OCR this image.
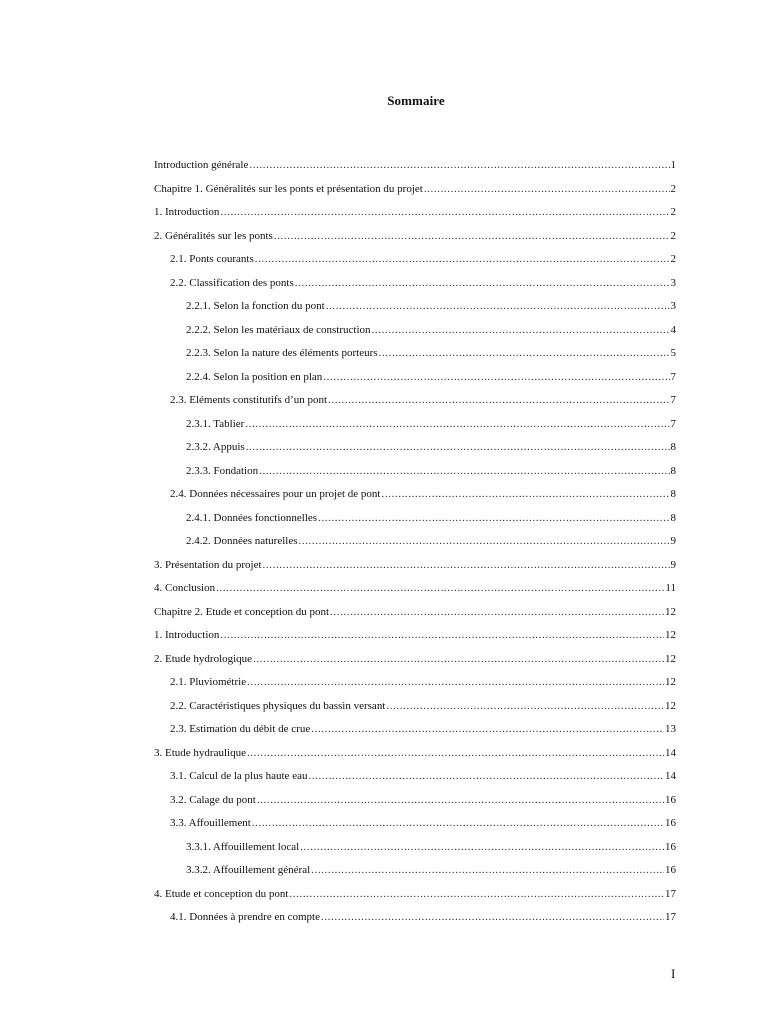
Sommaire
Introduction générale .....	1
Chapitre 1. Généralités sur les ponts et présentation du projet .....	2
1. Introduction .....	2
2. Généralités sur les ponts .....	2
2.1. Ponts courants .....	2
2.2. Classification des ponts .....	3
2.2.1. Selon la fonction du pont .....	3
2.2.2. Selon les matériaux de construction .....	4
2.2.3. Selon la nature des éléments porteurs .....	5
2.2.4. Selon la position en plan .....	7
2.3. Eléments constitutifs d’un pont .....	7
2.3.1. Tablier .....	7
2.3.2. Appuis .....	8
2.3.3. Fondation .....	8
2.4. Données nécessaires pour un projet de pont .....	8
2.4.1. Données fonctionnelles .....	8
2.4.2. Données naturelles .....	9
3. Présentation du projet .....	9
4. Conclusion .....	11
Chapitre 2. Etude et conception du pont .....	12
1. Introduction .....	12
2. Etude hydrologique .....	12
2.1. Pluviométrie .....	12
2.2. Caractéristiques physiques du bassin versant .....	12
2.3. Estimation du débit de crue .....	13
3. Etude hydraulique .....	14
3.1. Calcul de la plus haute eau .....	14
3.2. Calage du pont .....	16
3.3. Affouillement .....	16
3.3.1. Affouillement local .....	16
3.3.2. Affouillement général .....	16
4. Etude et conception du pont .....	17
4.1. Données à prendre en compte .....	17
I
